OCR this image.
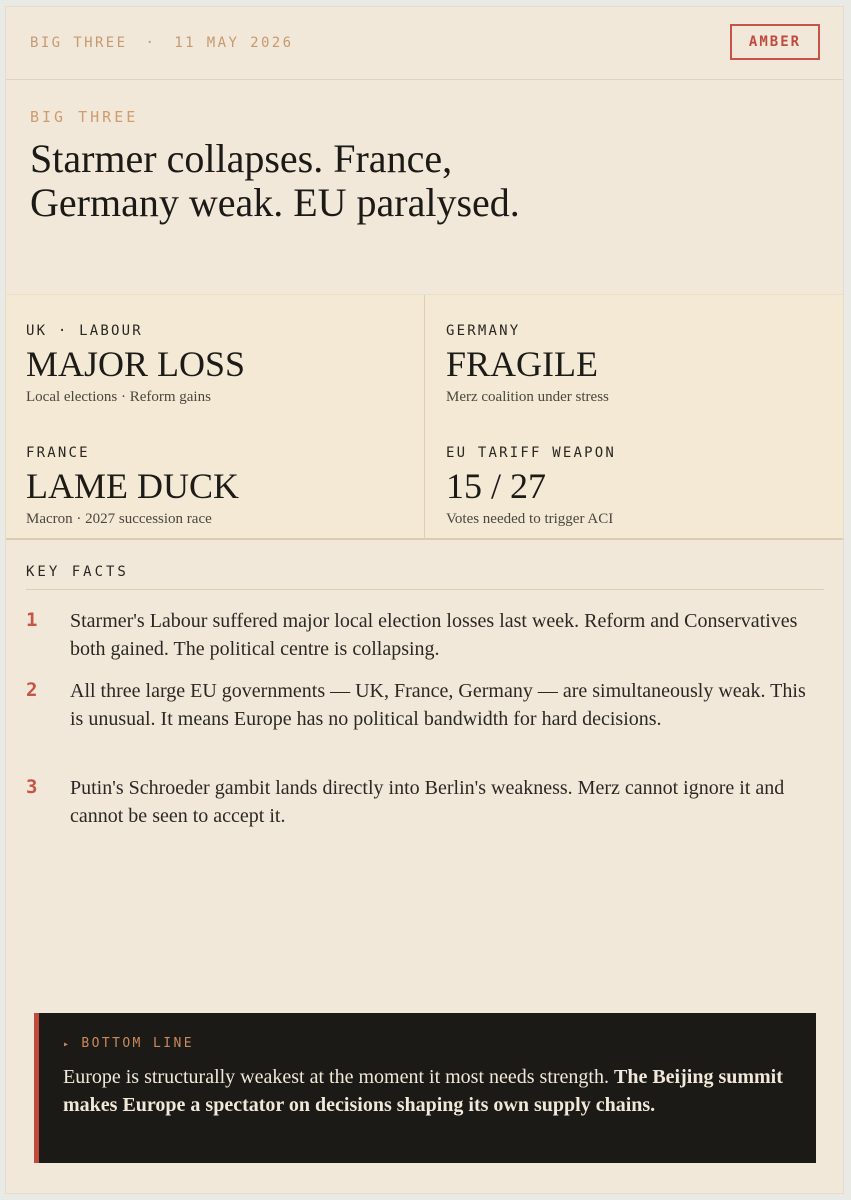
BIG THREE · 11 MAY 2026	AMBER
BIG THREE
Starmer collapses. France, Germany weak. EU paralysed.
UK · LABOUR
MAJOR LOSS
Local elections · Reform gains
GERMANY
FRAGILE
Merz coalition under stress
FRANCE
LAME DUCK
Macron · 2027 succession race
EU TARIFF WEAPON
15 / 27
Votes needed to trigger ACI
KEY FACTS
1	Starmer's Labour suffered major local election losses last week. Reform and Conservatives both gained. The political centre is collapsing.
2	All three large EU governments — UK, France, Germany — are simultaneously weak. This is unusual. It means Europe has no political bandwidth for hard decisions.
3	Putin's Schroeder gambit lands directly into Berlin's weakness. Merz cannot ignore it and cannot be seen to accept it.
▸ BOTTOM LINE
Europe is structurally weakest at the moment it most needs strength. The Beijing summit makes Europe a spectator on decisions shaping its own supply chains.
